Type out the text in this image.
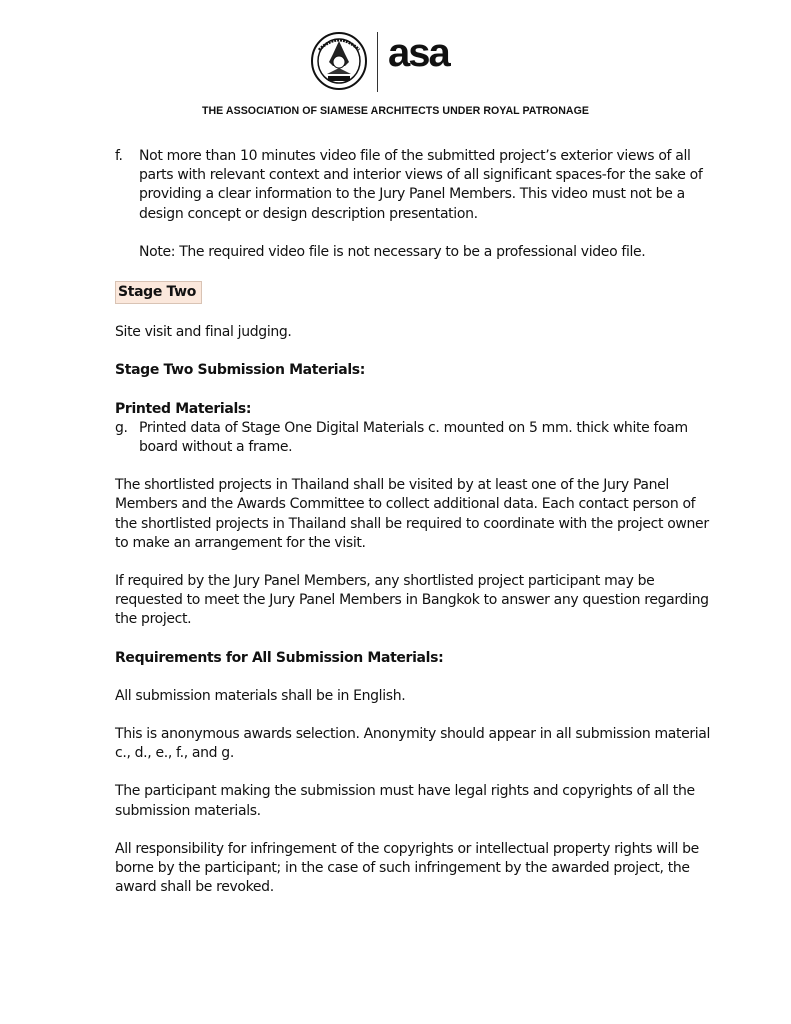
asa
THE ASSOCIATION OF SIAMESE ARCHITECTS UNDER ROYAL PATRONAGE
f.	Not more than 10 minutes video file of the submitted project’s exterior views of all parts with relevant context and interior views of all significant spaces-for the sake of providing a clear information to the Jury Panel Members. This video must not be a design concept or design description presentation.

Note: The required video file is not necessary to be a professional video file.

Stage Two

Site visit and final judging.

Stage Two Submission Materials:

Printed Materials:

g. Printed data of Stage One Digital Materials c. mounted on 5 mm. thick white foam board without a frame.

The shortlisted projects in Thailand shall be visited by at least one of the Jury Panel Members and the Awards Committee to collect additional data. Each contact person of the shortlisted projects in Thailand shall be required to coordinate with the project owner to make an arrangement for the visit.

If required by the Jury Panel Members, any shortlisted project participant may be requested to meet the Jury Panel Members in Bangkok to answer any question regarding the project.

Requirements for All Submission Materials:

All submission materials shall be in English.

This is anonymous awards selection. Anonymity should appear in all submission material c., d., e., f., and g.

The participant making the submission must have legal rights and copyrights of all the submission materials.

All responsibility for infringement of the copyrights or intellectual property rights will be borne by the participant; in the case of such infringement by the awarded project, the award shall be revoked.
